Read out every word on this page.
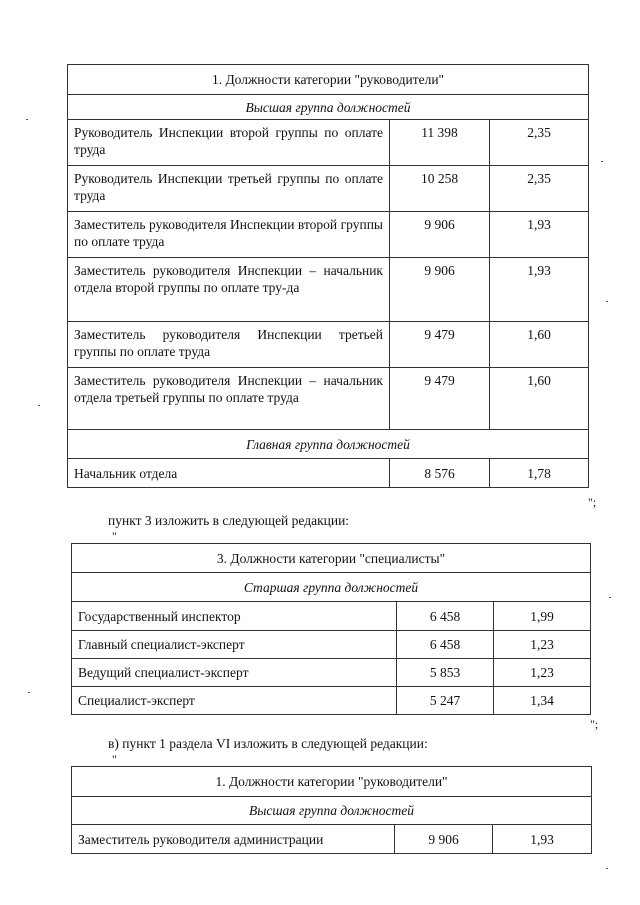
1. Должности категории "руководители"		
Высшая группа должностей		
Руководитель Инспекции второй группы по оплате труда	11 398	2,35
Руководитель Инспекции третьей группы по оплате труда	10 258	2,35
Заместитель руководителя Инспекции второй группы по оплате труда	9 906	1,93
Заместитель руководителя Инспекции – начальник отдела второй группы по оплате тру-да	9 906	1,93
Заместитель руководителя Инспекции третьей группы по оплате труда	9 479	1,60
Заместитель руководителя Инспекции – начальник отдела третьей группы по оплате труда	9 479	1,60
Главная группа должностей		
Начальник отдела	8 576	1,78
";
пункт 3 изложить в следующей редакции:
"
3. Должности категории "специалисты"		
Старшая группа должностей		
Государственный инспектор	6 458	1,99
Главный специалист-эксперт	6 458	1,23
Ведущий специалист-эксперт	5 853	1,23
Специалист-эксперт	5 247	1,34
";
в) пункт 1 раздела VI изложить в следующей редакции:
"
1. Должности категории "руководители"
Высшая группа должностей
Заместитель руководителя администрации	9 906	1,93
